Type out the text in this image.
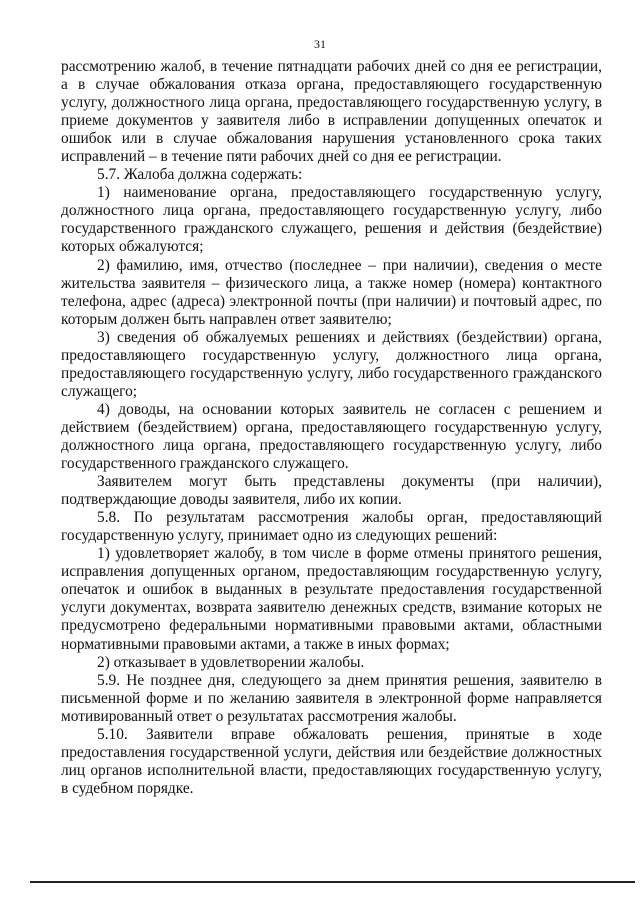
31

рассмотрению жалоб, в течение пятнадцати рабочих дней со дня ее регистрации, а в случае обжалования отказа органа, предоставляющего государственную услугу, должностного лица органа, предоставляющего государственную услугу, в приеме документов у заявителя либо в исправлении допущенных опечаток и ошибок или в случае обжалования нарушения установленного срока таких исправлений – в течение пяти рабочих дней со дня ее регистрации.

5.7. Жалоба должна содержать:

1) наименование органа, предоставляющего государственную услугу, должностного лица органа, предоставляющего государственную услугу, либо государственного гражданского служащего, решения и действия (бездействие) которых обжалуются;

2) фамилию, имя, отчество (последнее – при наличии), сведения о месте жительства заявителя – физического лица, а также номер (номера) контактного телефона, адрес (адреса) электронной почты (при наличии) и почтовый адрес, по которым должен быть направлен ответ заявителю;

3) сведения об обжалуемых решениях и действиях (бездействии) органа, предоставляющего государственную услугу, должностного лица органа, предоставляющего государственную услугу, либо государственного гражданского служащего;

4) доводы, на основании которых заявитель не согласен с решением и действием (бездействием) органа, предоставляющего государственную услугу, должностного лица органа, предоставляющего государственную услугу, либо государственного гражданского служащего.

Заявителем могут быть представлены документы (при наличии), подтверждающие доводы заявителя, либо их копии.

5.8. По результатам рассмотрения жалобы орган, предоставляющий государственную услугу, принимает одно из следующих решений:

1) удовлетворяет жалобу, в том числе в форме отмены принятого решения, исправления допущенных органом, предоставляющим государственную услугу, опечаток и ошибок в выданных в результате предоставления государственной услуги документах, возврата заявителю денежных средств, взимание которых не предусмотрено федеральными нормативными правовыми актами, областными нормативными правовыми актами, а также в иных формах;

2) отказывает в удовлетворении жалобы.

5.9. Не позднее дня, следующего за днем принятия решения, заявителю в письменной форме и по желанию заявителя в электронной форме направляется мотивированный ответ о результатах рассмотрения жалобы.

5.10. Заявители вправе обжаловать решения, принятые в ходе предоставления государственной услуги, действия или бездействие должностных лиц органов исполнительной власти, предоставляющих государственную услугу, в судебном порядке.
